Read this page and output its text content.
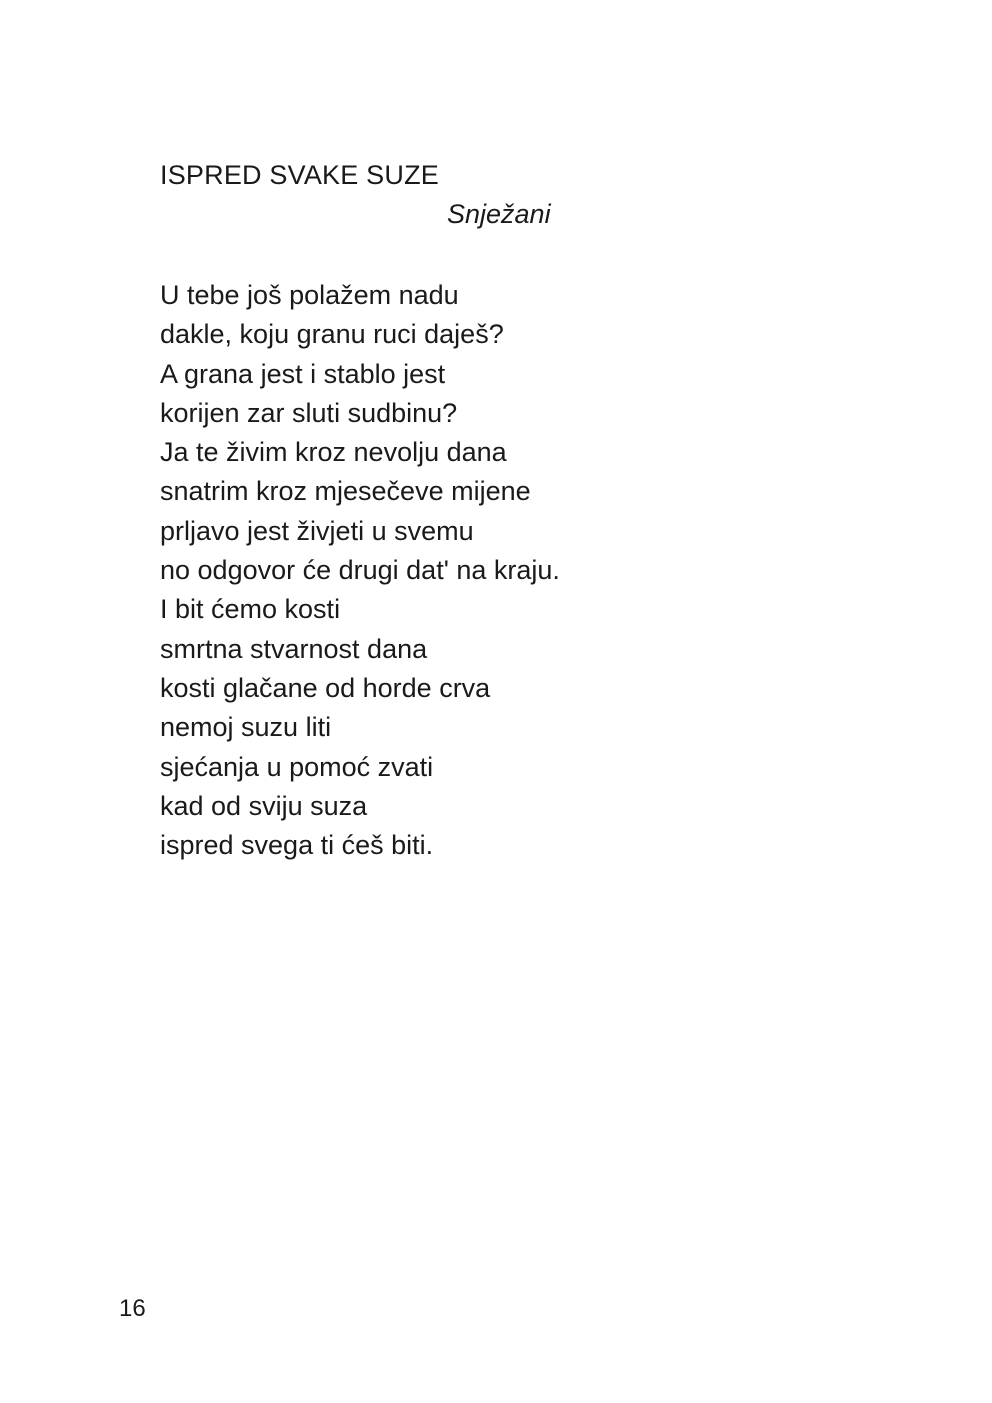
ISPRED SVAKE SUZE
Snježani
U tebe još polažem nadu
dakle, koju granu ruci daješ?
A grana jest i stablo jest
korijen zar sluti sudbinu?
Ja te živim kroz nevolju dana
snatrim kroz mjesečeve mijene
prljavo jest živjeti u svemu
no odgovor će drugi dat' na kraju.
I bit ćemo kosti
smrtna stvarnost dana
kosti glačane od horde crva
nemoj suzu liti
sjećanja u pomoć zvati
kad od sviju suza
ispred svega ti ćeš biti.
16
